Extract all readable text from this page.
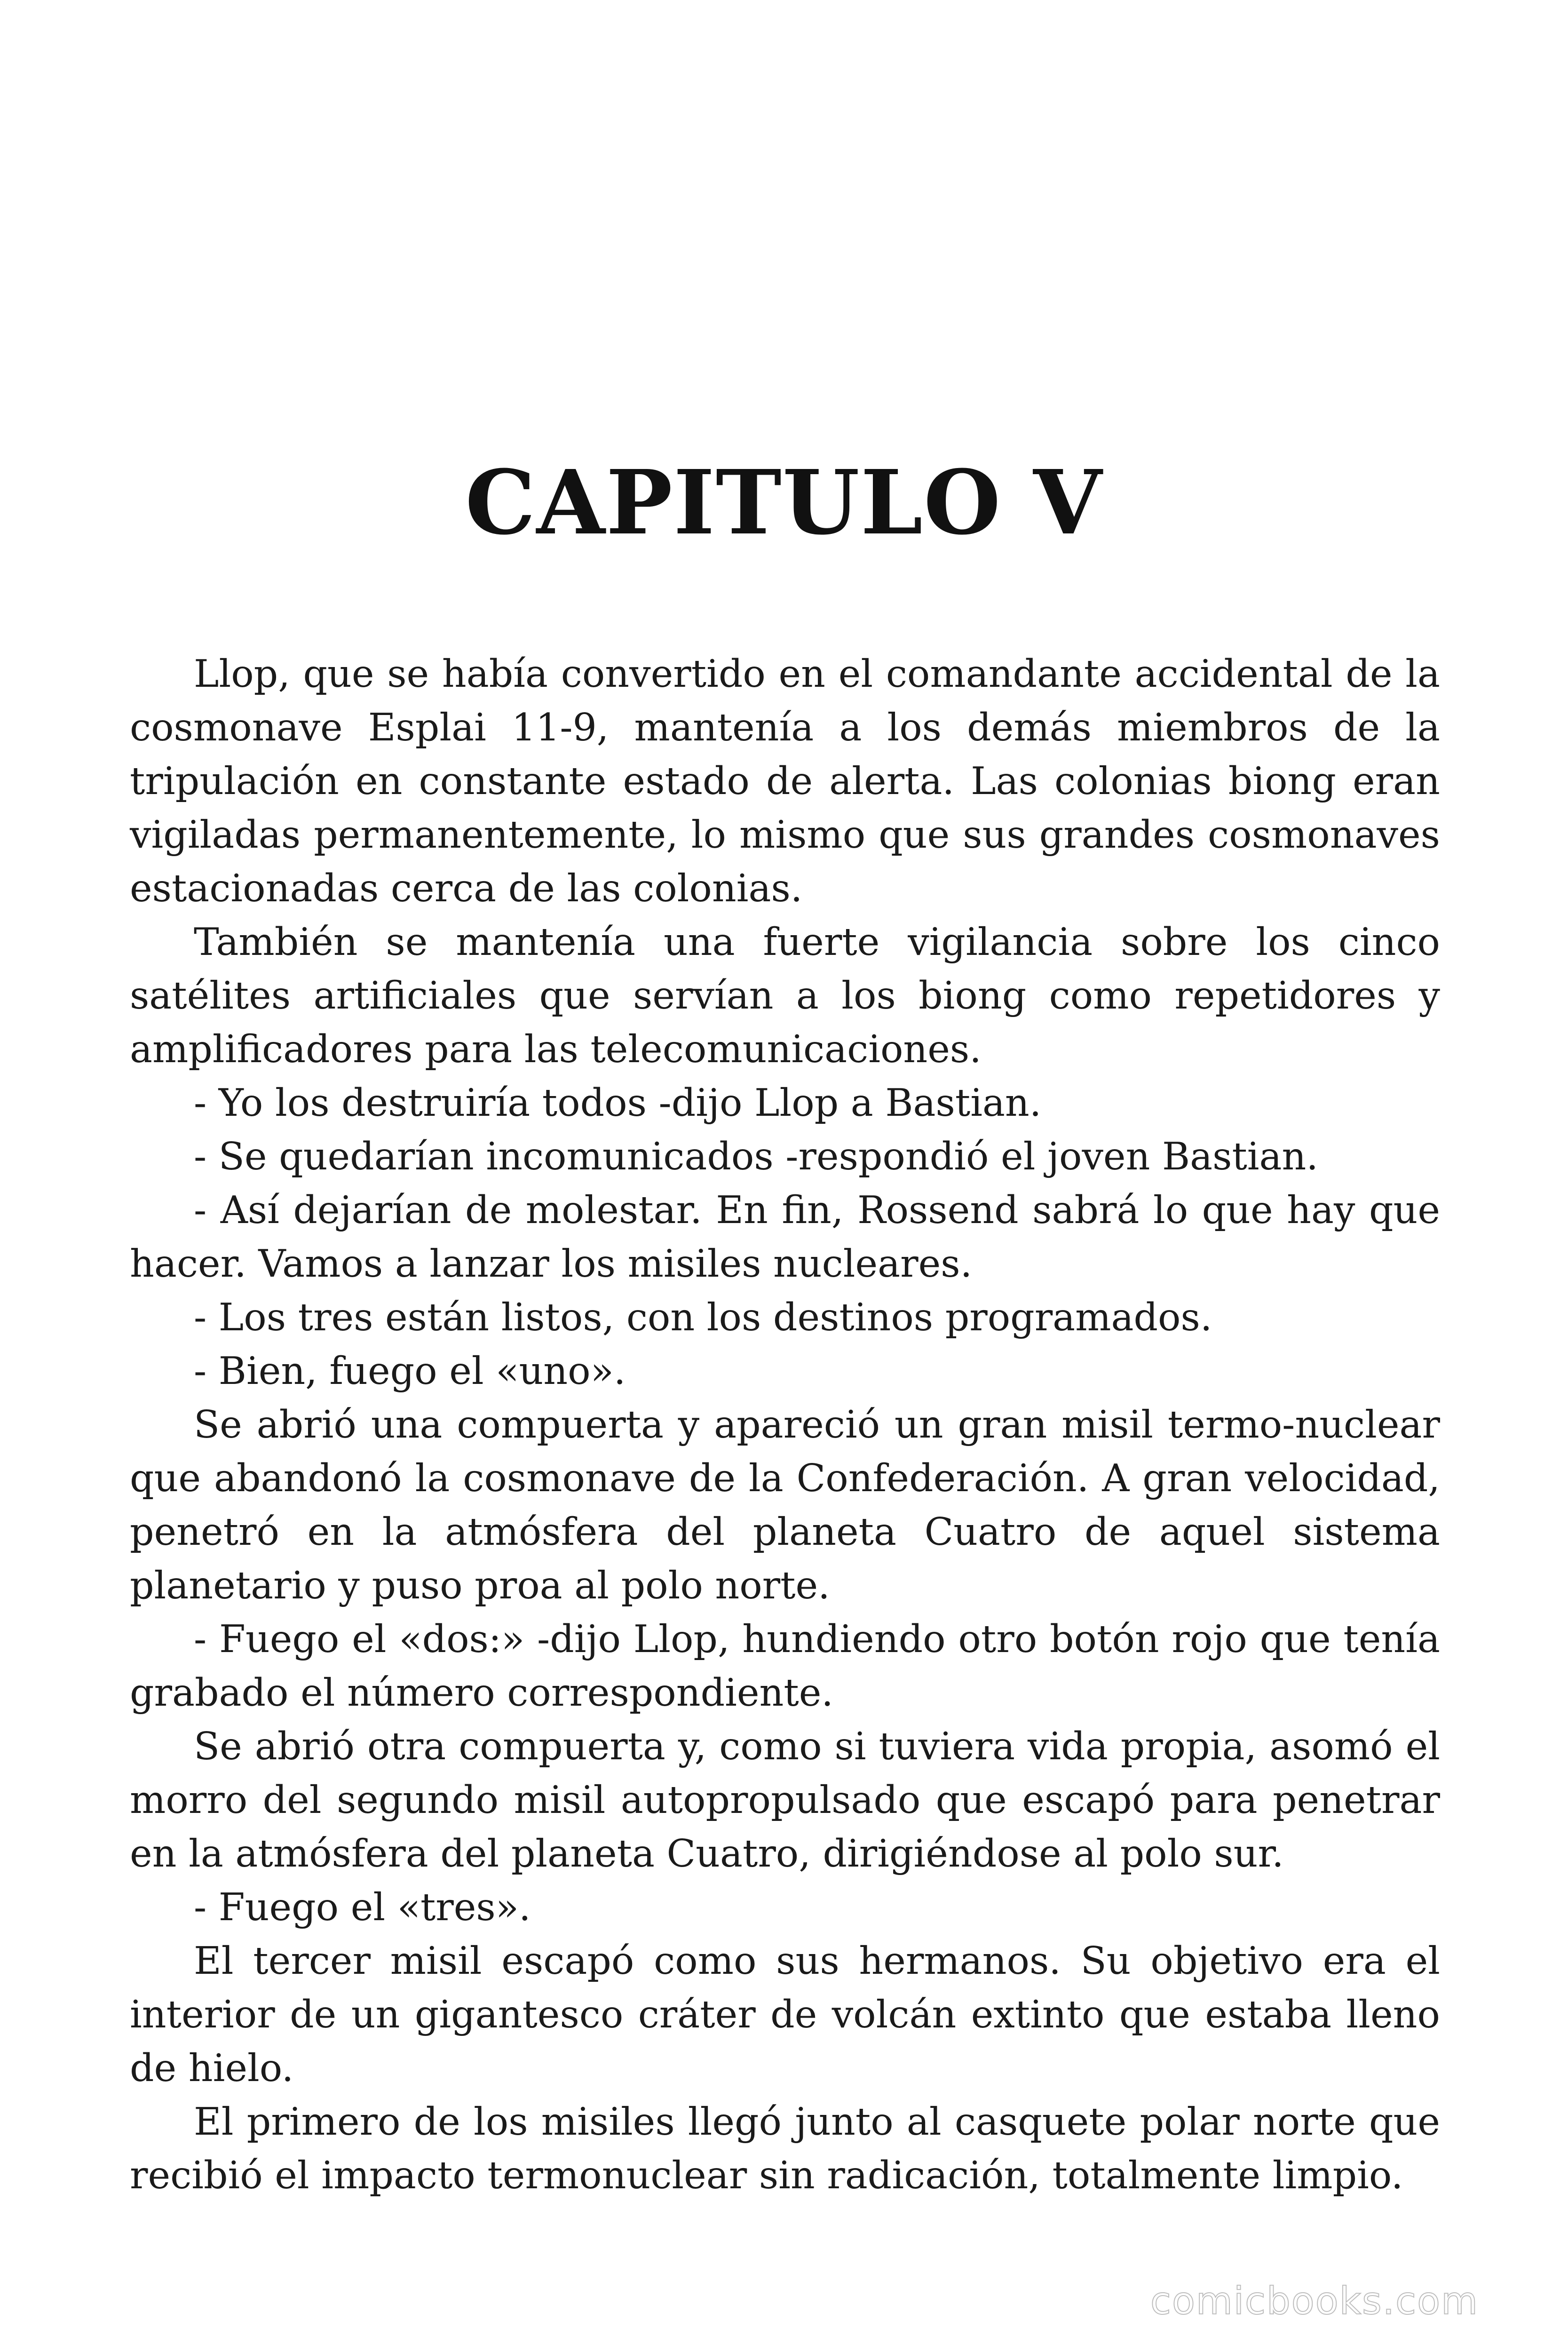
CAPITULO V

Llop, que se había convertido en el comandante accidental de la cosmonave Esplai 11-9, mantenía a los demás miembros de la tripulación en constante estado de alerta. Las colonias biong eran vigiladas permanentemente, lo mismo que sus grandes cosmonaves estacionadas cerca de las colonias.

También se mantenía una fuerte vigilancia sobre los cinco satélites artificiales que servían a los biong como repetidores y amplificadores para las telecomunicaciones.

- Yo los destruiría todos -dijo Llop a Bastian.

- Se quedarían incomunicados -respondió el joven Bastian.

- Así dejarían de molestar. En fin, Rossend sabrá lo que hay que hacer. Vamos a lanzar los misiles nucleares.

- Los tres están listos, con los destinos programados.

- Bien, fuego el «uno».

Se abrió una compuerta y apareció un gran misil termo-nuclear que abandonó la cosmonave de la Confederación. A gran velocidad, penetró en la atmósfera del planeta Cuatro de aquel sistema planetario y puso proa al polo norte.

- Fuego el «dos:» -dijo Llop, hundiendo otro botón rojo que tenía grabado el número correspondiente.

Se abrió otra compuerta y, como si tuviera vida propia, asomó el morro del segundo misil autopropulsado que escapó para penetrar en la atmósfera del planeta Cuatro, dirigiéndose al polo sur.

- Fuego el «tres».

El tercer misil escapó como sus hermanos. Su objetivo era el interior de un gigantesco cráter de volcán extinto que estaba lleno de hielo.

El primero de los misiles llegó junto al casquete polar norte que recibió el impacto termonuclear sin radicación, totalmente limpio.

comicbooks.com
